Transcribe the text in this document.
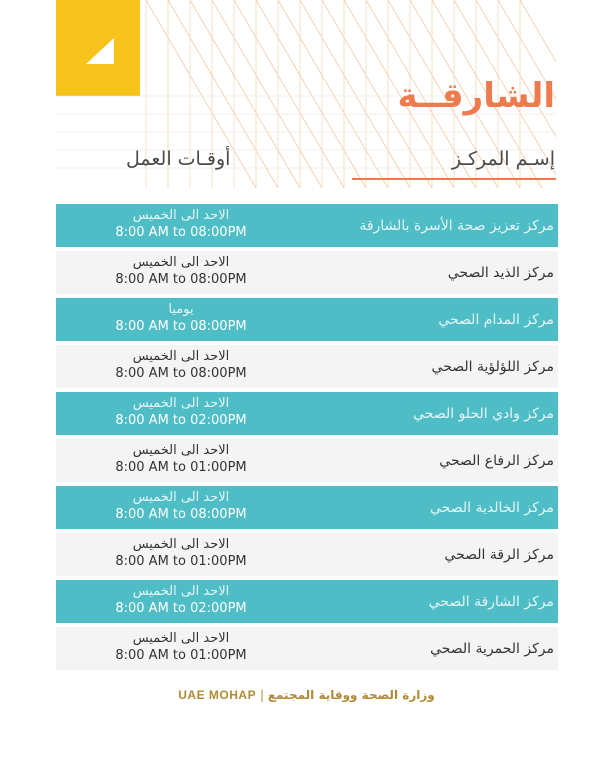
الشارقــة
إسـم المركـز
أوقـات العمل
مركز تعزيز صحة الأسرة بالشارقة
الاحد الى الخميس
8:00 AM to 08:00PM
مركز الذيد الصحي
الاحد الى الخميس
8:00 AM to 08:00PM
مركز المدام الصحي
يوميا
8:00 AM to 08:00PM
مركز اللؤلؤية الصحي
الاحد الى الخميس
8:00 AM to 08:00PM
مركز وادي الحلو الصحي
الاحد الى الخميس
8:00 AM to 02:00PM
مركز الرفاع الصحي
الاحد الى الخميس
8:00 AM to 01:00PM
مركز الخالدية الصحي
الاحد الى الخميس
8:00 AM to 08:00PM
مركز الرقة الصحي
الاحد الى الخميس
8:00 AM to 01:00PM
مركز الشارقة الصحي
الاحد الى الخميس
8:00 AM to 02:00PM
مركز الحمرية الصحي
الاحد الى الخميس
8:00 AM to 01:00PM
UAE MOHAP | وزارة الصحة ووقاية المجتمع
